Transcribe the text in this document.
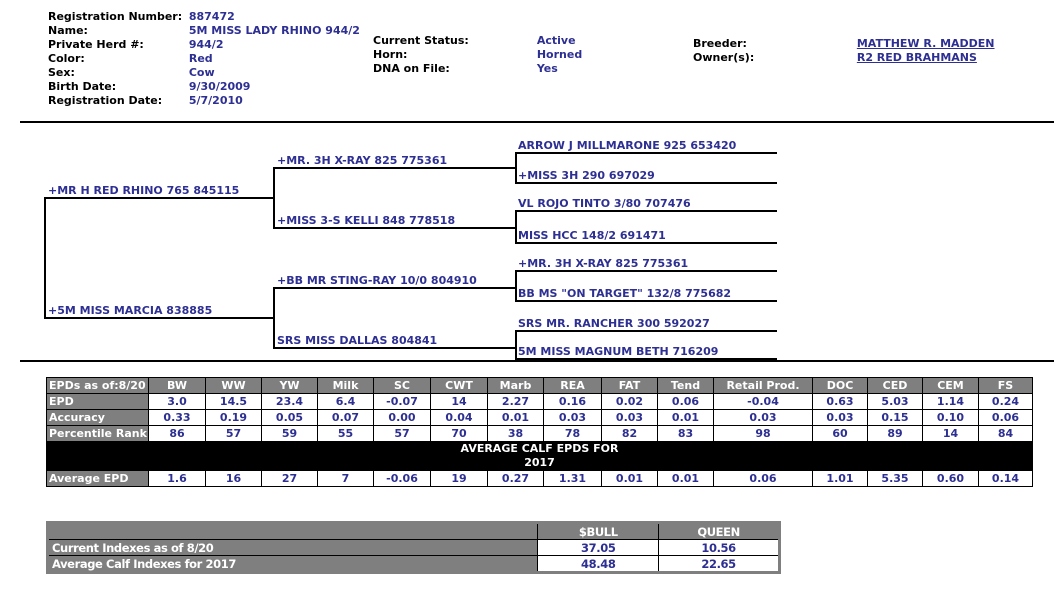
Registration Number: 887472
Name:	5M MISS LADY RHINO 944/2
Private Herd #:	944/2
Color:	Red
Sex:	Cow
Birth Date:	9/30/2009
Registration Date: 5/7/2010
Current Status:	Active
Horn:	Horned
DNA on File:	Yes
Breeder:	MATTHEW R. MADDEN
Owner(s):	R2 RED BRAHMANS
+MR H RED RHINO 765 845115
+5M MISS MARCIA 838885
+MR. 3H X-RAY 825 775361
+MISS 3-S KELLI 848 778518
+BB MR STING-RAY 10/0 804910
SRS MISS DALLAS 804841
ARROW J MILLMARONE 925 653420
+MISS 3H 290 697029
VL ROJO TINTO 3/80 707476
MISS HCC 148/2 691471
+MR. 3H X-RAY 825 775361
BB MS "ON TARGET" 132/8 775682
SRS MR. RANCHER 300 592027
5M MISS MAGNUM BETH 716209
EPDs as of:8/20	BW	WW	YW	Milk	SC	CWT	Marb	REA	FAT	Tend	Retail Prod.	DOC	CED	CEM	FS
EPD	3.0	14.5	23.4	6.4	-0.07	14	2.27	0.16	0.02	0.06	-0.04	0.63	5.03	1.14	0.24
Accuracy	0.33	0.19	0.05	0.07	0.00	0.04	0.01	0.03	0.03	0.01	0.03	0.03	0.15	0.10	0.06
Percentile Rank	86	57	59	55	57	70	38	78	82	83	98	60	89	14	84

AVERAGE CALF EPDS FOR
2017															

Average EPD	1.6	16	27	7	-0.06	19	0.27	1.31	0.01	0.01	0.06	1.01	5.35	0.60	0.14
	$BULL	QUEEN
Current Indexes as of 8/20	37.05	10.56
Average Calf Indexes for 2017	48.48	22.65
